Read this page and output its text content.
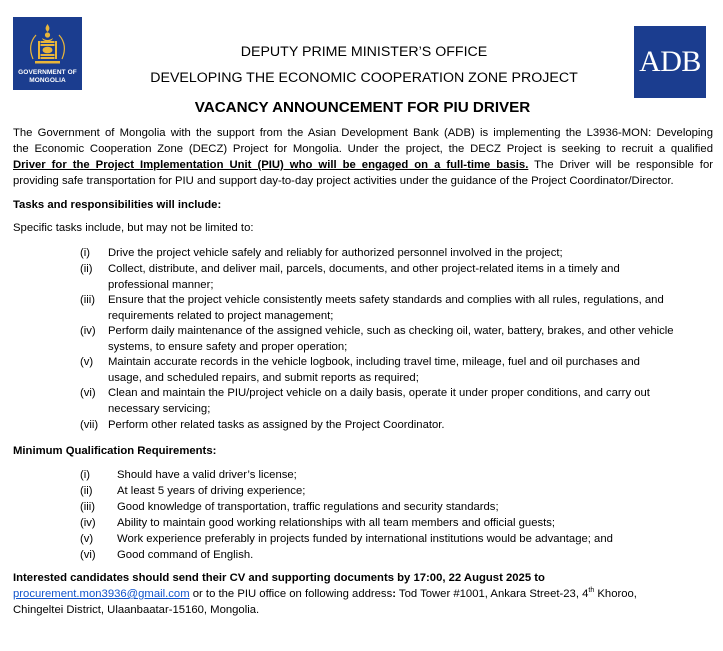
GOVERNMENT OF
MONGOLIA
ADB
DEPUTY PRIME MINISTER’S OFFICE
DEVELOPING THE ECONOMIC COOPERATION ZONE PROJECT
VACANCY ANNOUNCEMENT FOR PIU DRIVER
The Government of Mongolia with the support from the Asian Development Bank (ADB) is implementing the L3936-MON: Developing
the Economic Cooperation Zone (DECZ) Project for Mongolia. Under the project, the DECZ Project is seeking to recruit a qualified
Driver for the Project Implementation Unit (PIU) who will be engaged on a full-time basis. The Driver will be responsible for
providing safe transportation for PIU and support day-to-day project activities under the guidance of the Project Coordinator/Director.
Tasks and responsibilities will include:
Specific tasks include, but may not be limited to:
(i) Drive the project vehicle safely and reliably for authorized personnel involved in the project;
(ii) Collect, distribute, and deliver mail, parcels, documents, and other project-related items in a timely and
professional manner;
(iii) Ensure that the project vehicle consistently meets safety standards and complies with all rules, regulations, and
requirements related to project management;
(iv) Perform daily maintenance of the assigned vehicle, such as checking oil, water, battery, brakes, and other vehicle
systems, to ensure safety and proper operation;
(v) Maintain accurate records in the vehicle logbook, including travel time, mileage, fuel and oil purchases and
usage, and scheduled repairs, and submit reports as required;
(vi) Clean and maintain the PIU/project vehicle on a daily basis, operate it under proper conditions, and carry out
necessary servicing;
(vii) Perform other related tasks as assigned by the Project Coordinator.
Minimum Qualification Requirements:
(i) Should have a valid driver’s license;
(ii) At least 5 years of driving experience;
(iii) Good knowledge of transportation, traffic regulations and security standards;
(iv) Ability to maintain good working relationships with all team members and official guests;
(v) Work experience preferably in projects funded by international institutions would be advantage; and
(vi) Good command of English.
Interested candidates should send their CV and supporting documents by 17:00, 22 August 2025 to
procurement.mon3936@gmail.com or to the PIU office on following address: Tod Tower #1001, Ankara Street-23, 4th Khoroo,
Chingeltei District, Ulaanbaatar-15160, Mongolia.
